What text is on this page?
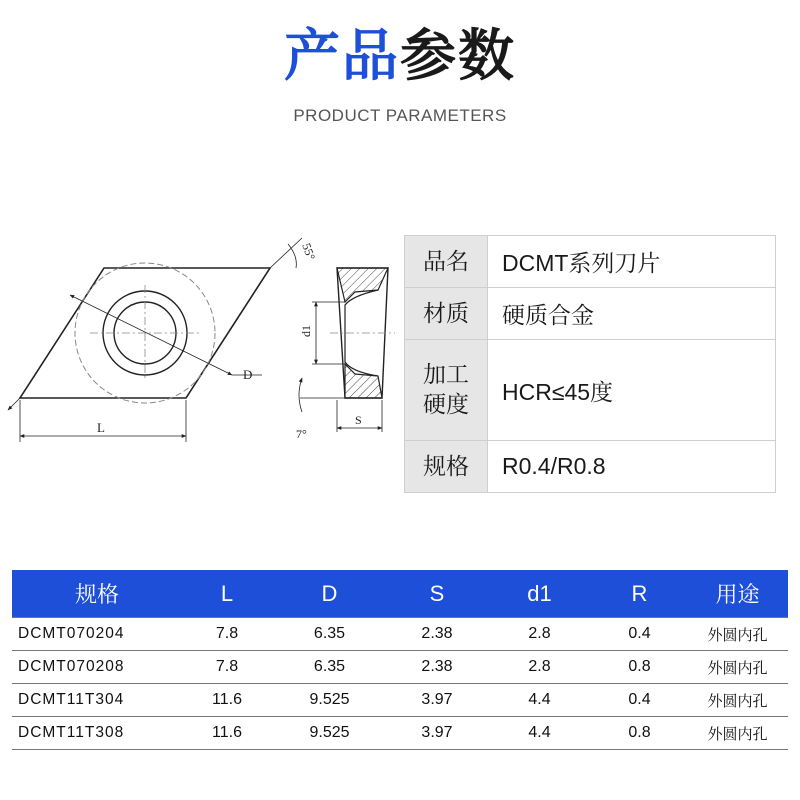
产品参数
PRODUCT PARAMETERS
D
55°
L
d1
S
7°
品名	DCMT系列刀片
材质	硬质合金
加工
硬度	HCR≤45度
规格	R0.4/R0.8
规格	L	D	S	d1	R	用途
DCMT070204	7.8	6.35	2.38	2.8	0.4	外圆内孔
DCMT070208	7.8	6.35	2.38	2.8	0.8	外圆内孔
DCMT11T304	11.6	9.525	3.97	4.4	0.4	外圆内孔
DCMT11T308	11.6	9.525	3.97	4.4	0.8	外圆内孔
